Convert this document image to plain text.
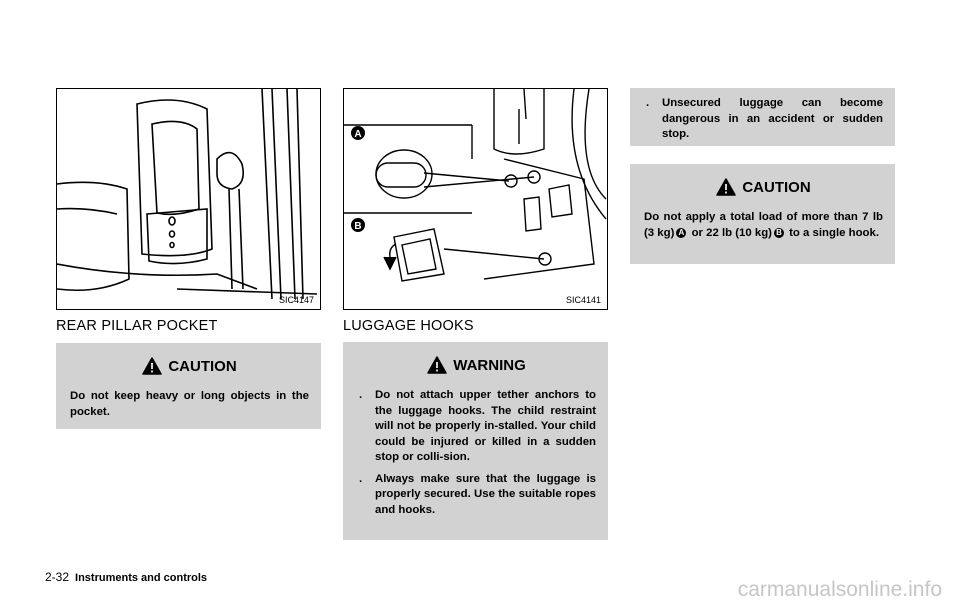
SIC4147
A
B
SIC4141
REAR PILLAR POCKET	LUGGAGE HOOKS
CAUTION

Do not keep heavy or long objects in the pocket.

WARNING
. Do not attach upper tether anchors to the luggage hooks. The child restraint will not be properly in-stalled. Your child could be injured or killed in a sudden stop or colli-sion.
. Always make sure that the luggage is properly secured. Use the suitable ropes and hooks.
. Unsecured luggage can become dangerous in an accident or sudden stop.
CAUTION

Do not apply a total load of more than 7 lb (3 kg) A or 22 lb (10 kg) B to a single hook.

2-32 Instruments and controls	carmanualsonline.info
